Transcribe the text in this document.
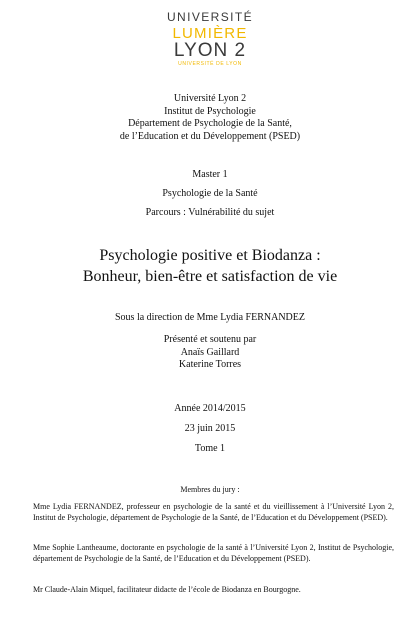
UNIVERSITÉ
LUMIÈRE
LYON 2
UNIVERSITÉ DE LYON
Université Lyon 2
Institut de Psychologie
Département de Psychologie de la Santé,
de l’Education et du Développement (PSED)
Master 1
Psychologie de la Santé
Parcours : Vulnérabilité du sujet
Psychologie positive et Biodanza :
Bonheur, bien-être et satisfaction de vie
Sous la direction de Mme Lydia FERNANDEZ
Présenté et soutenu par
Anaïs Gaillard
Katerine Torres
Année 2014/2015
23 juin 2015
Tome 1
Membres du jury :
Mme Lydia FERNANDEZ, professeur en psychologie de la santé et du vieillissement à l’Université Lyon 2, Institut de Psychologie, département de Psychologie de la Santé, de l’Education et du Développement (PSED).
Mme Sophie Lantheaume, doctorante en psychologie de la santé à l’Université Lyon 2, Institut de Psychologie, département de Psychologie de la Santé, de l’Education et du Développement (PSED).
Mr Claude-Alain Miquel, facilitateur didacte de l’école de Biodanza en Bourgogne.
